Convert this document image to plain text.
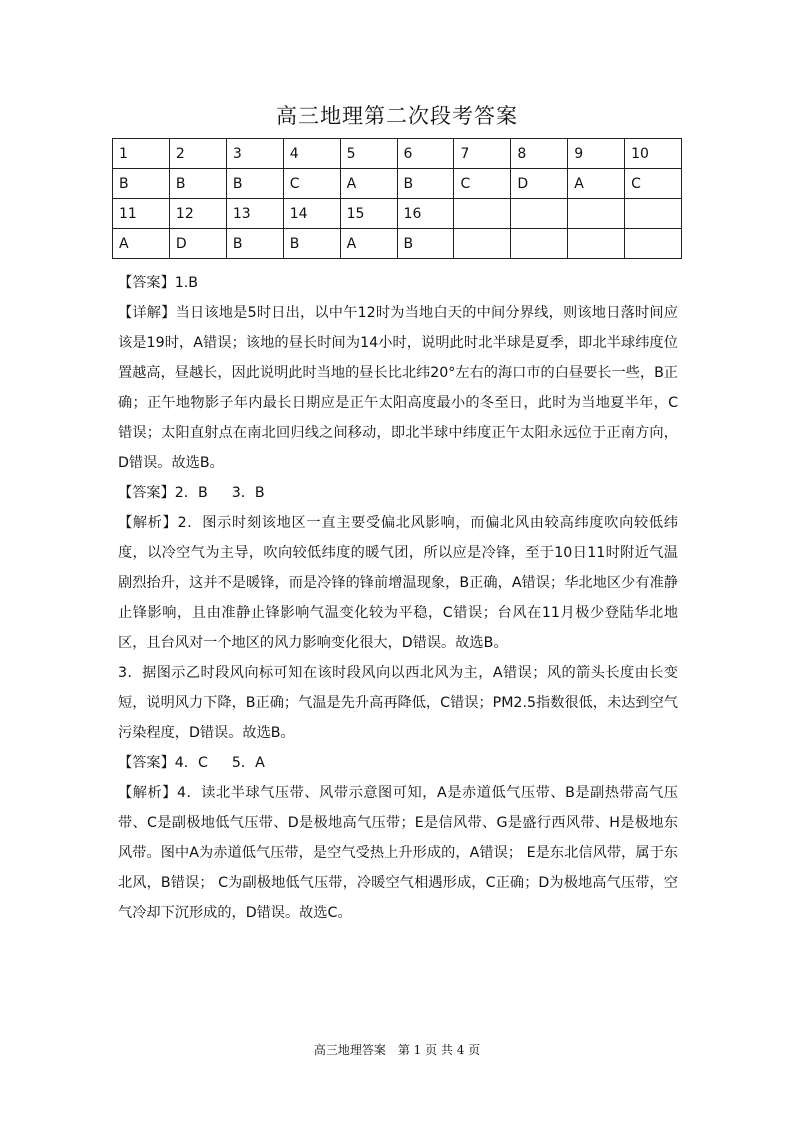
高三地理第二次段考答案
1	2	3	4	5	6	7	8	9	10
B	B	B	C	A	B	C	D	A	C
11	12	13	14	15	16				
A	D	B	B	A	B				

【答案】1.B

【详解】当日该地是5时日出，以中午12时为当地白天的中间分界线，则该地日落时间应该是19时，A错误；该地的昼长时间为14小时，说明此时北半球是夏季，即北半球纬度位置越高，昼越长，因此说明此时当地的昼长比北纬20°左右的海口市的白昼要长一些，B正确；正午地物影子年内最长日期应是正午太阳高度最小的冬至日，此时为当地夏半年，C错误；太阳直射点在南北回归线之间移动，即北半球中纬度正午太阳永远位于正南方向，D错误。故选B。

【答案】2．B 3．B

【解析】2．图示时刻该地区一直主要受偏北风影响，而偏北风由较高纬度吹向较低纬度，以冷空气为主导，吹向较低纬度的暖气团，所以应是冷锋，至于10日11时附近气温剧烈抬升，这并不是暖锋，而是冷锋的锋前增温现象，B正确，A错误；华北地区少有准静止锋影响，且由准静止锋影响气温变化较为平稳，C错误；台风在11月极少登陆华北地区，且台风对一个地区的风力影响变化很大，D错误。故选B。

3．据图示乙时段风向标可知在该时段风向以西北风为主，A错误；风的箭头长度由长变短，说明风力下降，B正确；气温是先升高再降低，C错误；PM2.5指数很低，未达到空气污染程度，D错误。故选B。

【答案】4．C 5．A

【解析】4．读北半球气压带、风带示意图可知，A是赤道低气压带、B是副热带高气压带、C是副极地低气压带、D是极地高气压带；E是信风带、G是盛行西风带、H是极地东风带。图中A为赤道低气压带，是空气受热上升形成的，A错误； E是东北信风带，属于东北风，B错误； C为副极地低气压带，冷暖空气相遇形成，C正确；D为极地高气压带，空气冷却下沉形成的，D错误。故选C。

高三地理答案　第 1 页 共 4 页
